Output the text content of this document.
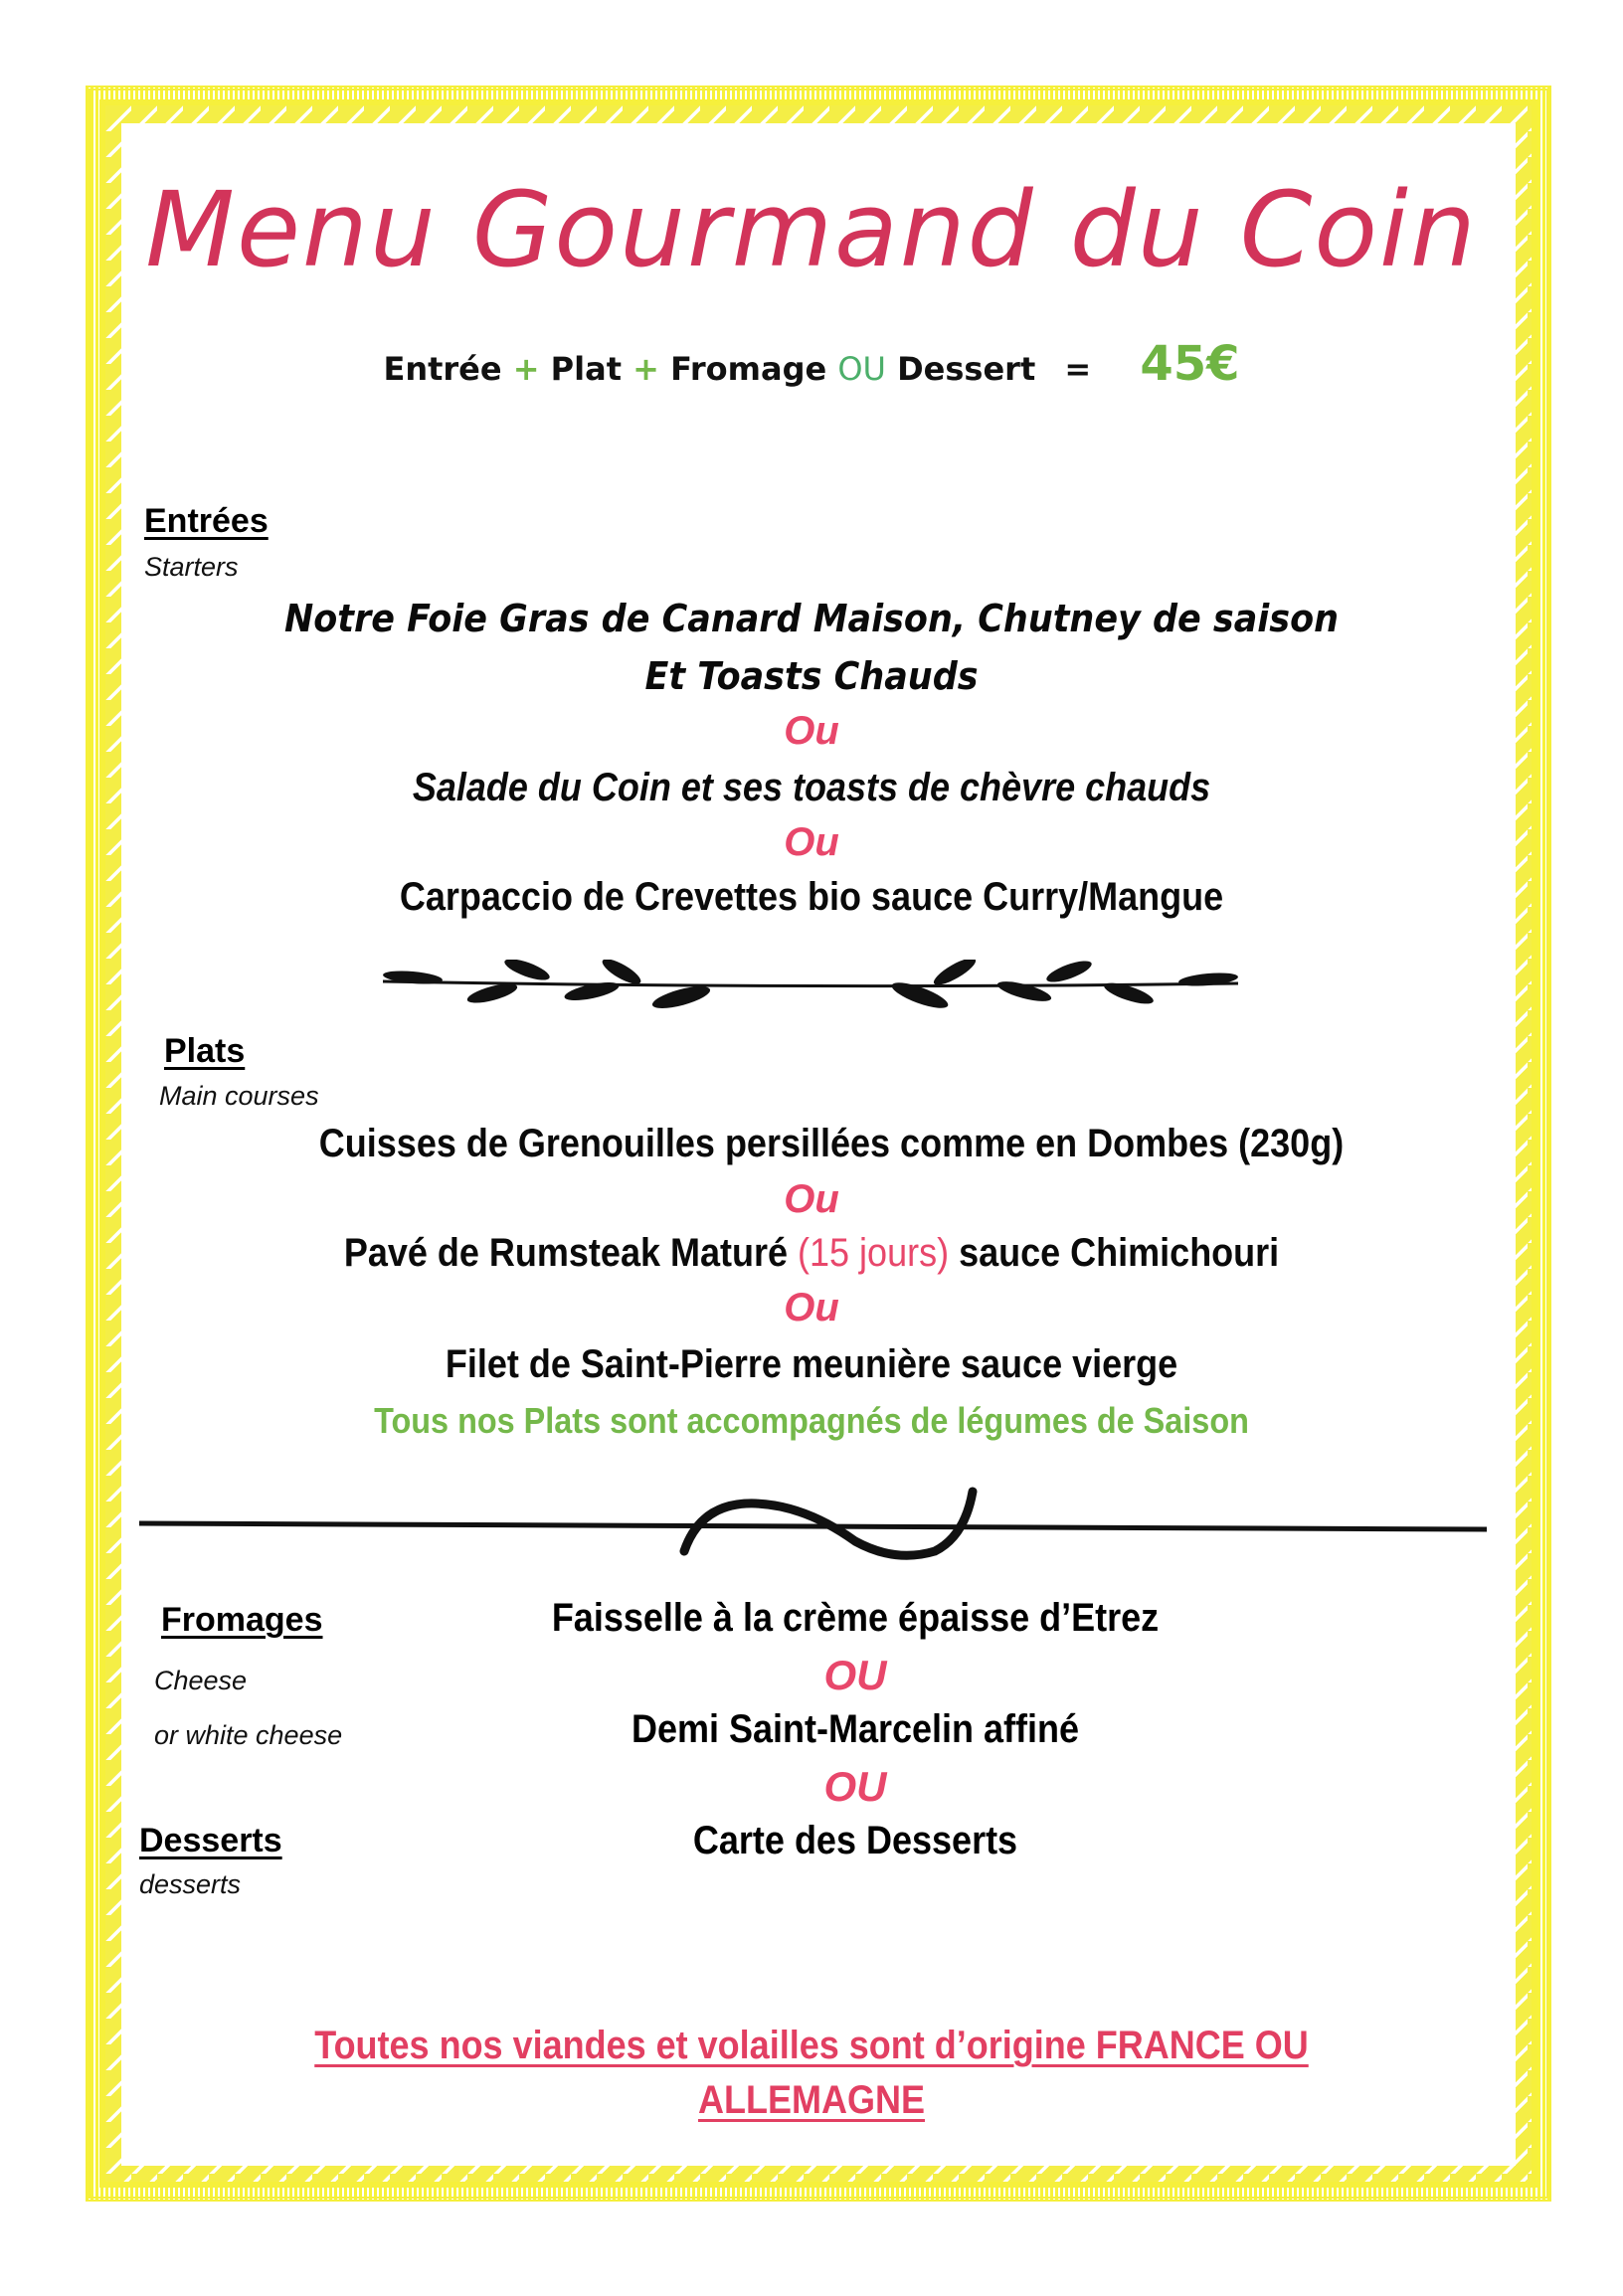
Menu Gourmand du Coin
Entrée + Plat + Fromage OU Dessert = 45€
Entrées
Starters
Notre Foie Gras de Canard Maison, Chutney de saison
Et Toasts Chauds
Ou
Salade du Coin et ses toasts de chèvre chauds
Ou
Carpaccio de Crevettes bio sauce Curry/Mangue
Plats
Main courses
Cuisses de Grenouilles persillées comme en Dombes (230g)
Ou
Pavé de Rumsteak Maturé (15 jours) sauce Chimichouri
Ou
Filet de Saint-Pierre meunière sauce vierge
Tous nos Plats sont accompagnés de légumes de Saison
Fromages
Cheese
or white cheese
Desserts
desserts
Faisselle à la crème épaisse d’Etrez
OU
Demi Saint-Marcelin affiné
OU
Carte des Desserts
Toutes nos viandes et volailles sont d’origine FRANCE OU
ALLEMAGNE
